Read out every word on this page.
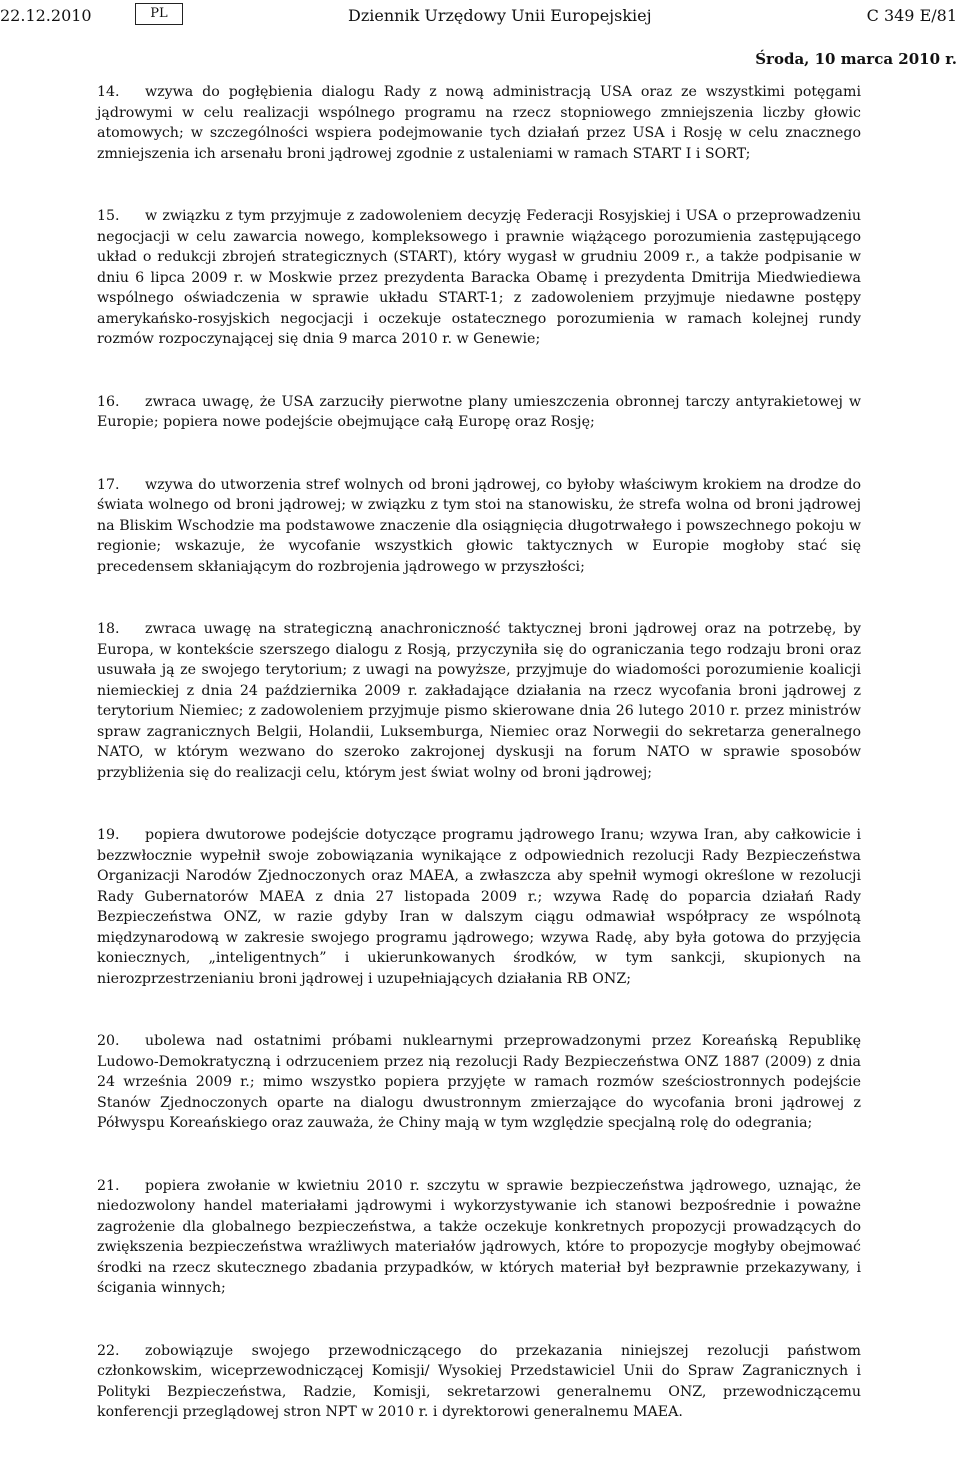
22.12.2010	PL	Dziennik Urzędowy Unii Europejskiej	C 349 E/81
Środa, 10 marca 2010 r.

14. wzywa do pogłębienia dialogu Rady z nową administracją USA oraz ze wszystkimi potęgami jądrowymi w celu realizacji wspólnego programu na rzecz stopniowego zmniejszenia liczby głowic atomowych; w szczególności wspiera podejmowanie tych działań przez USA i Rosję w celu znacznego zmniejszenia ich arsenału broni jądrowej zgodnie z ustaleniami w ramach START I i SORT;

15. w związku z tym przyjmuje z zadowoleniem decyzję Federacji Rosyjskiej i USA o przeprowadzeniu negocjacji w celu zawarcia nowego, kompleksowego i prawnie wiążącego porozumienia zastępującego układ o redukcji zbrojeń strategicznych (START), który wygasł w grudniu 2009 r., a także podpisanie w dniu 6 lipca 2009 r. w Moskwie przez prezydenta Baracka Obamę i prezydenta Dmitrija Miedwiediewa wspólnego oświadczenia w sprawie układu START-1; z zadowoleniem przyjmuje niedawne postępy amerykańsko-rosyjskich negocjacji i oczekuje ostatecznego porozumienia w ramach kolejnej rundy rozmów rozpoczynającej się dnia 9 marca 2010 r. w Genewie;

16. zwraca uwagę, że USA zarzuciły pierwotne plany umieszczenia obronnej tarczy antyrakietowej w Europie; popiera nowe podejście obejmujące całą Europę oraz Rosję;

17. wzywa do utworzenia stref wolnych od broni jądrowej, co byłoby właściwym krokiem na drodze do świata wolnego od broni jądrowej; w związku z tym stoi na stanowisku, że strefa wolna od broni jądrowej na Bliskim Wschodzie ma podstawowe znaczenie dla osiągnięcia długotrwałego i powszechnego pokoju w regionie; wskazuje, że wycofanie wszystkich głowic taktycznych w Europie mogłoby stać się precedensem skłaniającym do rozbrojenia jądrowego w przyszłości;

18. zwraca uwagę na strategiczną anachroniczność taktycznej broni jądrowej oraz na potrzebę, by Europa, w kontekście szerszego dialogu z Rosją, przyczyniła się do ograniczania tego rodzaju broni oraz usuwała ją ze swojego terytorium; z uwagi na powyższe, przyjmuje do wiadomości porozumienie koalicji niemieckiej z dnia 24 października 2009 r. zakładające działania na rzecz wycofania broni jądrowej z terytorium Niemiec; z zadowoleniem przyjmuje pismo skierowane dnia 26 lutego 2010 r. przez ministrów spraw zagranicznych Belgii, Holandii, Luksemburga, Niemiec oraz Norwegii do sekretarza generalnego NATO, w którym wezwano do szeroko zakrojonej dyskusji na forum NATO w sprawie sposobów przybliżenia się do realizacji celu, którym jest świat wolny od broni jądrowej;

19. popiera dwutorowe podejście dotyczące programu jądrowego Iranu; wzywa Iran, aby całkowicie i bezzwłocznie wypełnił swoje zobowiązania wynikające z odpowiednich rezolucji Rady Bezpieczeństwa Organizacji Narodów Zjednoczonych oraz MAEA, a zwłaszcza aby spełnił wymogi określone w rezolucji Rady Gubernatorów MAEA z dnia 27 listopada 2009 r.; wzywa Radę do poparcia działań Rady Bezpieczeństwa ONZ, w razie gdyby Iran w dalszym ciągu odmawiał współpracy ze wspólnotą międzynarodową w zakresie swojego programu jądrowego; wzywa Radę, aby była gotowa do przyjęcia koniecznych, „inteligentnych” i ukierunkowanych środków, w tym sankcji, skupionych na nierozprzestrzenianiu broni jądrowej i uzupełniających działania RB ONZ;

20. ubolewa nad ostatnimi próbami nuklearnymi przeprowadzonymi przez Koreańską Republikę Ludowo-Demokratyczną i odrzuceniem przez nią rezolucji Rady Bezpieczeństwa ONZ 1887 (2009) z dnia 24 września 2009 r.; mimo wszystko popiera przyjęte w ramach rozmów sześciostronnych podejście Stanów Zjednoczonych oparte na dialogu dwustronnym zmierzające do wycofania broni jądrowej z Półwyspu Koreańskiego oraz zauważa, że Chiny mają w tym względzie specjalną rolę do odegrania;

21. popiera zwołanie w kwietniu 2010 r. szczytu w sprawie bezpieczeństwa jądrowego, uznając, że niedozwolony handel materiałami jądrowymi i wykorzystywanie ich stanowi bezpośrednie i poważne zagrożenie dla globalnego bezpieczeństwa, a także oczekuje konkretnych propozycji prowadzących do zwiększenia bezpieczeństwa wrażliwych materiałów jądrowych, które to propozycje mogłyby obejmować środki na rzecz skutecznego zbadania przypadków, w których materiał był bezprawnie przekazywany, i ścigania winnych;

22. zobowiązuje swojego przewodniczącego do przekazania niniejszej rezolucji państwom członkowskim, wiceprzewodniczącej Komisji/ Wysokiej Przedstawiciel Unii do Spraw Zagranicznych i Polityki Bezpieczeństwa, Radzie, Komisji, sekretarzowi generalnemu ONZ, przewodniczącemu konferencji przeglądowej stron NPT w 2010 r. i dyrektorowi generalnemu MAEA.
